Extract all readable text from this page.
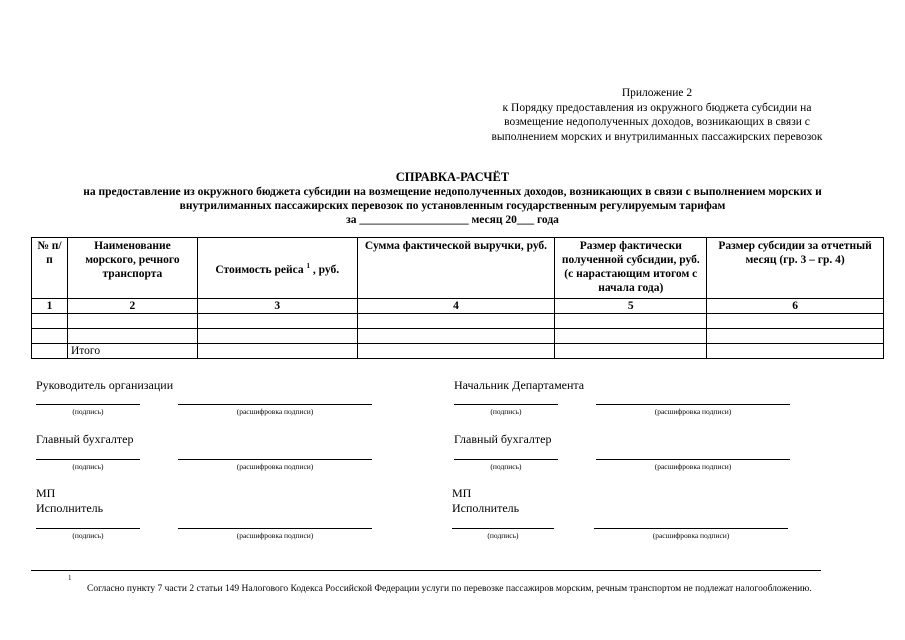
Приложение 2
к Порядку предоставления из окружного бюджета субсидии на
возмещение недополученных доходов, возникающих в связи с
выполнением морских и внутрилиманных пассажирских перевозок
СПРАВКА-РАСЧЁТ
на предоставление из окружного бюджета субсидии на возмещение недополученных доходов, возникающих в связи с выполнением морских и
внутрилиманных пассажирских перевозок по установленным государственным регулируемым тарифам
за ___________________ месяц 20___ года
№ п/п	Наименование морского, речного транспорта	Стоимость рейса $^1$ , руб.	Сумма фактической выручки, руб.	Размер фактически полученной субсидии, руб. (с нарастающим итогом с начала года)	Размер субсидии за отчетный месяц (гр. 3 – гр. 4)
1	2	3	4	5	6

	Итого				
Руководитель организации
(подпись)	(расшифровка подписи)
Главный бухгалтер
(подпись)	(расшифровка подписи)
МП
Исполнитель
(подпись)	(расшифровка подписи)
Начальник Департамента
(подпись)	(расшифровка подписи)
Главный бухгалтер
(подпись)	(расшифровка подписи)
МП
Исполнитель
(подпись)	(расшифровка подписи)
1
Согласно пункту 7 части 2 статьи 149 Налогового Кодекса Российской Федерации услуги по перевозке пассажиров морским, речным транспортом не подлежат налогообложению.
